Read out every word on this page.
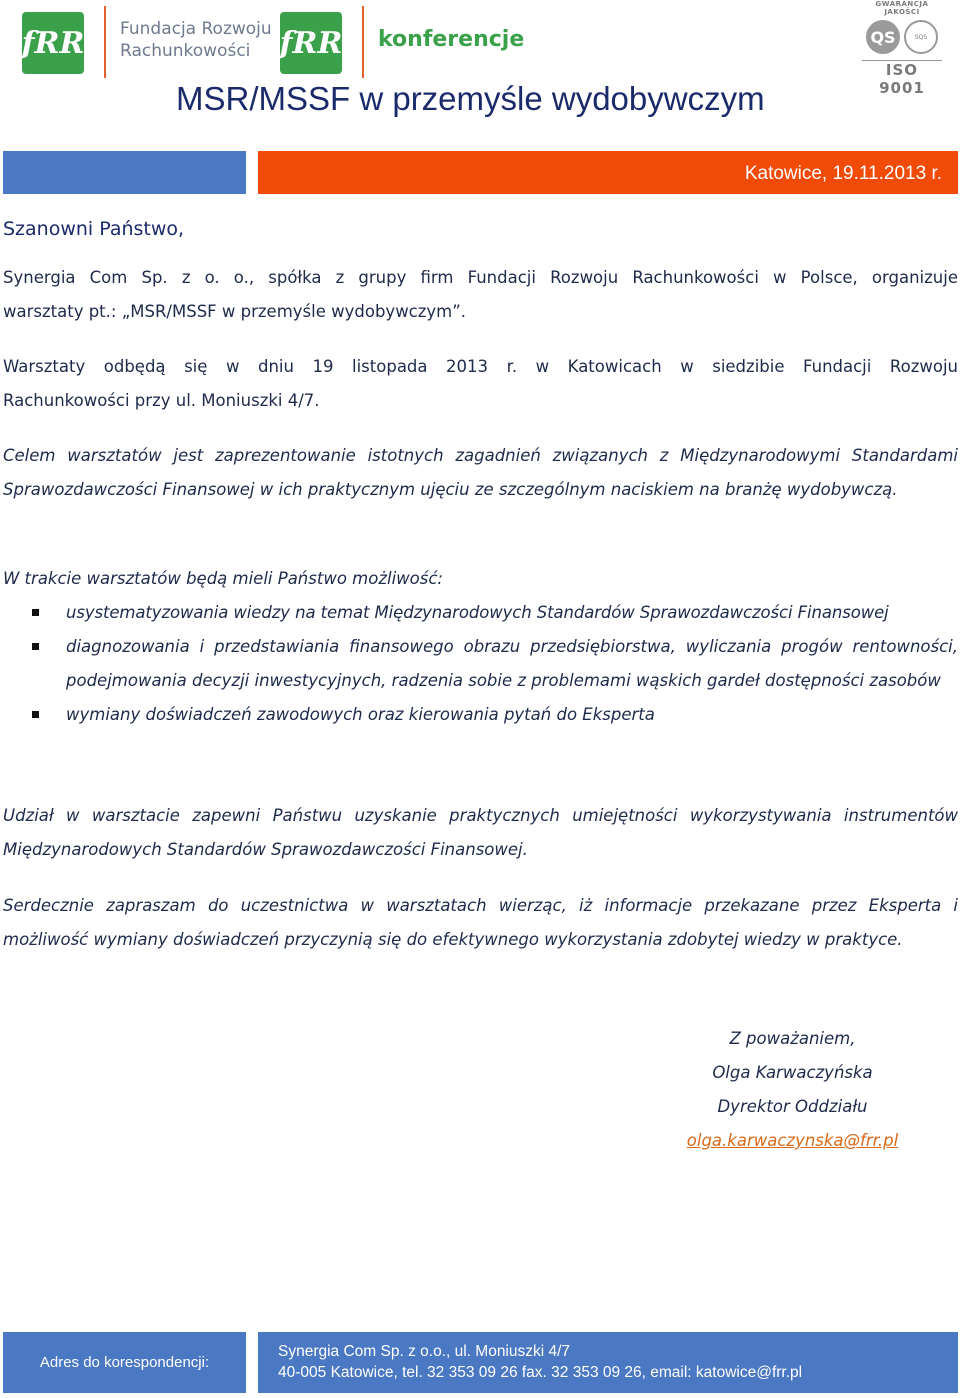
fRR Fundacja Rozwoju
Rachunkowości fRR konferencje
GWARANCJA JAKOŚCI
QS	SQS
ISO 9001
MSR/MSSF w przemyśle wydobywczym
Katowice, 19.11.2013 r.
Szanowni Państwo,
Synergia Com Sp. z o. o., spółka z grupy firm Fundacji Rozwoju Rachunkowości w Polsce, organizuje
warsztaty pt.: „MSR/MSSF w przemyśle wydobywczym”.
Warsztaty odbędą się w dniu 19 listopada 2013 r. w Katowicach w siedzibie Fundacji Rozwoju
Rachunkowości przy ul. Moniuszki 4/7.
Celem warsztatów jest zaprezentowanie istotnych zagadnień związanych z Międzynarodowymi Standardami Sprawozdawczości Finansowej w ich praktycznym ujęciu ze szczególnym naciskiem na branżę wydobywczą.
W trakcie warsztatów będą mieli Państwo możliwość:
usystematyzowania wiedzy na temat Międzynarodowych Standardów Sprawozdawczości Finansowej
diagnozowania i przedstawiania finansowego obrazu przedsiębiorstwa, wyliczania progów rentowności, podejmowania decyzji inwestycyjnych, radzenia sobie z problemami wąskich gardeł dostępności zasobów
wymiany doświadczeń zawodowych oraz kierowania pytań do Eksperta
Udział w warsztacie zapewni Państwu uzyskanie praktycznych umiejętności wykorzystywania instrumentów Międzynarodowych Standardów Sprawozdawczości Finansowej.
Serdecznie zapraszam do uczestnictwa w warsztatach wierząc, iż informacje przekazane przez Eksperta i możliwość wymiany doświadczeń przyczynią się do efektywnego wykorzystania zdobytej wiedzy w praktyce.
Z poważaniem,
Olga Karwaczyńska
Dyrektor Oddziału
olga.karwaczynska@frr.pl
Adres do korespondencji:
Synergia Com Sp. z o.o., ul. Moniuszki 4/7
40-005 Katowice, tel. 32 353 09 26 fax. 32 353 09 26, email: katowice@frr.pl
